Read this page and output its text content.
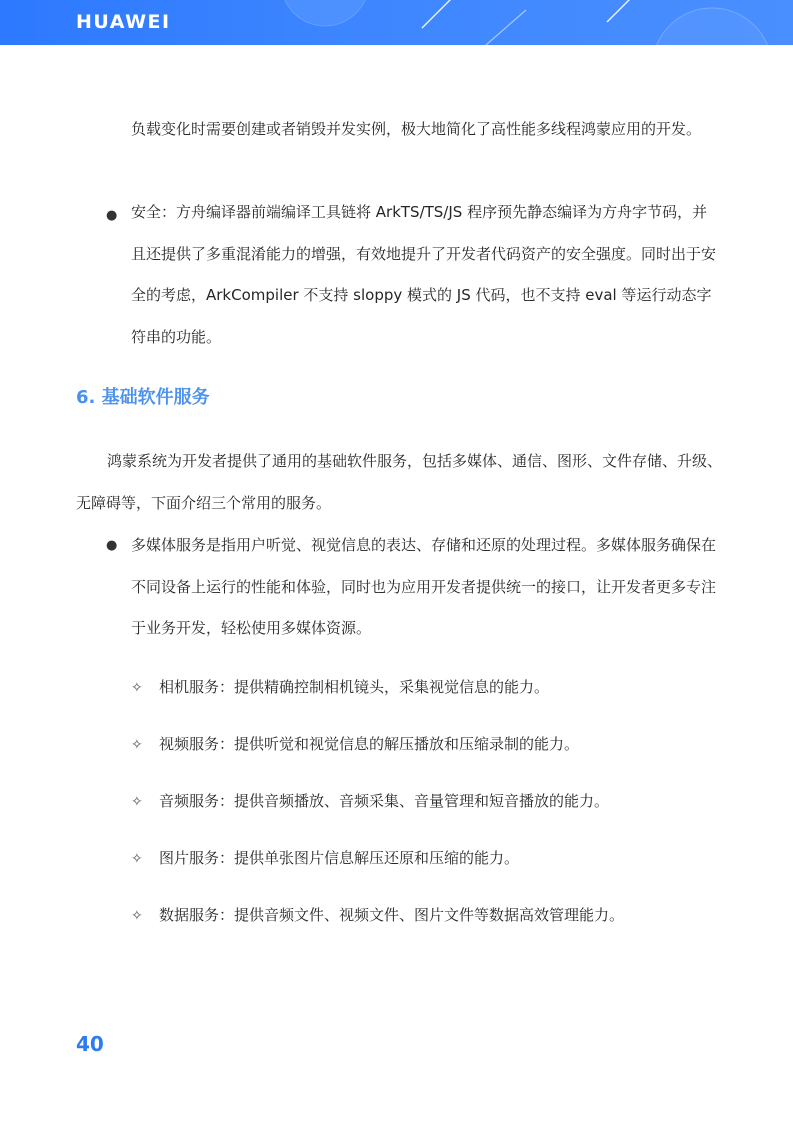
HUAWEI

负载变化时需要创建或者销毁并发实例，极大地简化了高性能多线程鸿蒙应用的开发。

● 安全：方舟编译器前端编译工具链将 ArkTS/TS/JS 程序预先静态编译为方舟字节码，并且还提供了多重混淆能力的增强，有效地提升了开发者代码资产的安全强度。同时出于安全的考虑，ArkCompiler 不支持 sloppy 模式的 JS 代码，也不支持 eval 等运行动态字符串的功能。

6. 基础软件服务

鸿蒙系统为开发者提供了通用的基础软件服务，包括多媒体、通信、图形、文件存储、升级、无障碍等，下面介绍三个常用的服务。

● 多媒体服务是指用户听觉、视觉信息的表达、存储和还原的处理过程。多媒体服务确保在不同设备上运行的性能和体验，同时也为应用开发者提供统一的接口，让开发者更多专注于业务开发，轻松使用多媒体资源。

✧ 相机服务：提供精确控制相机镜头，采集视觉信息的能力。
✧ 视频服务：提供听觉和视觉信息的解压播放和压缩录制的能力。
✧ 音频服务：提供音频播放、音频采集、音量管理和短音播放的能力。
✧ 图片服务：提供单张图片信息解压还原和压缩的能力。
✧ 数据服务：提供音频文件、视频文件、图片文件等数据高效管理能力。
40
